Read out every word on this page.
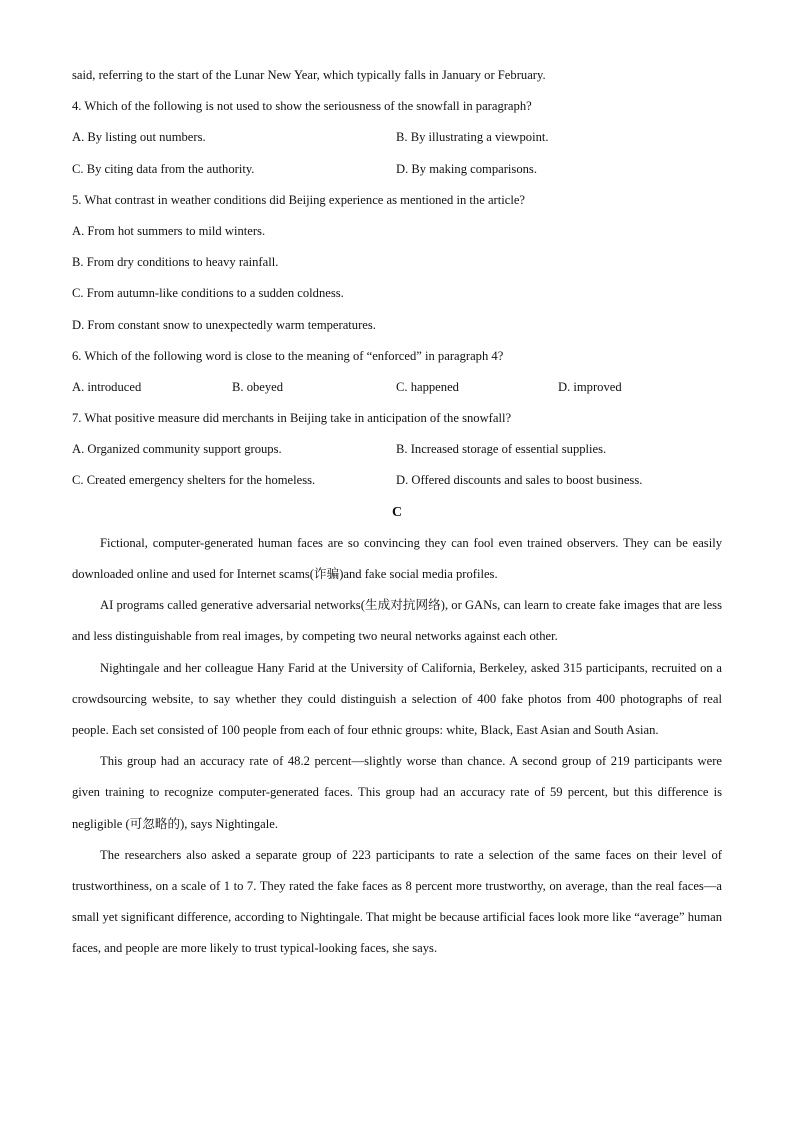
said, referring to the start of the Lunar New Year, which typically falls in January or February.
4. Which of the following is not used to show the seriousness of the snowfall in paragraph?
A. By listing out numbers.	B. By illustrating a viewpoint.
C. By citing data from the authority.	D. By making comparisons.
5. What contrast in weather conditions did Beijing experience as mentioned in the article?
A. From hot summers to mild winters.
B. From dry conditions to heavy rainfall.
C. From autumn-like conditions to a sudden coldness.
D. From constant snow to unexpectedly warm temperatures.
6. Which of the following word is close to the meaning of “enforced” in paragraph 4?
A. introduced	B. obeyed	C. happened	D. improved
7. What positive measure did merchants in Beijing take in anticipation of the snowfall?
A. Organized community support groups.	B. Increased storage of essential supplies.
C. Created emergency shelters for the homeless.	D. Offered discounts and sales to boost business.
C

Fictional, computer-generated human faces are so convincing they can fool even trained observers. They can be easily downloaded online and used for Internet scams(诈骗)and fake social media profiles.

AI programs called generative adversarial networks(生成对抗网络), or GANs, can learn to create fake images that are less and less distinguishable from real images, by competing two neural networks against each other.

Nightingale and her colleague Hany Farid at the University of California, Berkeley, asked 315 participants, recruited on a crowdsourcing website, to say whether they could distinguish a selection of 400 fake photos from 400 photographs of real people. Each set consisted of 100 people from each of four ethnic groups: white, Black, East Asian and South Asian.

This group had an accuracy rate of 48.2 percent—slightly worse than chance. A second group of 219 participants were given training to recognize computer-generated faces. This group had an accuracy rate of 59 percent, but this difference is negligible (可忽略的), says Nightingale.

The researchers also asked a separate group of 223 participants to rate a selection of the same faces on their level of trustworthiness, on a scale of 1 to 7. They rated the fake faces as 8 percent more trustworthy, on average, than the real faces—a small yet significant difference, according to Nightingale. That might be because artificial faces look more like “average” human faces, and people are more likely to trust typical-looking faces, she says.
